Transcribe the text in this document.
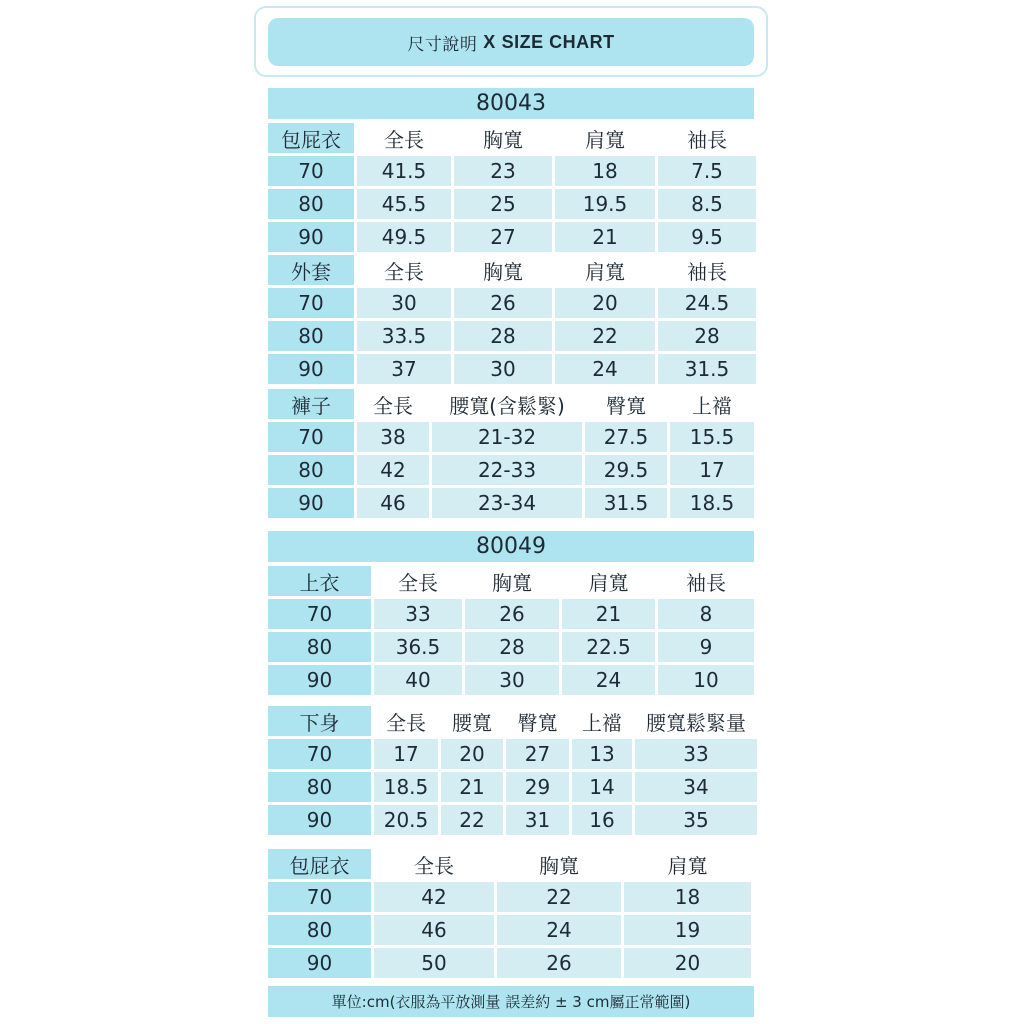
尺寸說明
X
SIZE CHART
80043
包屁衣	全長	胸寬	肩寬	袖長
70	41.5	23	18	7.5
80	45.5	25	19.5	8.5
90	49.5	27	21	9.5
外套	全長	胸寬	肩寬	袖長
70	30	26	20	24.5
80	33.5	28	22	28
90	37	30	24	31.5
褲子	全長	腰寬(含鬆緊)	臀寬	上襠
70	38	21-32	27.5	15.5
80	42	22-33	29.5	17
90	46	23-34	31.5	18.5
80049
上衣	全長	胸寬	肩寬	袖長
70	33	26	21	8
80	36.5	28	22.5	9
90	40	30	24	10
下身	全長	腰寬	臀寬	上襠	腰寬鬆緊量
70	17	20	27	13	33
80	18.5	21	29	14	34
90	20.5	22	31	16	35
包屁衣	全長	胸寬	肩寬
70	42	22	18
80	46	24	19
90	50	26	20
單位:cm(衣服為平放測量 誤差約 ± 3 cm屬正常範圍)
